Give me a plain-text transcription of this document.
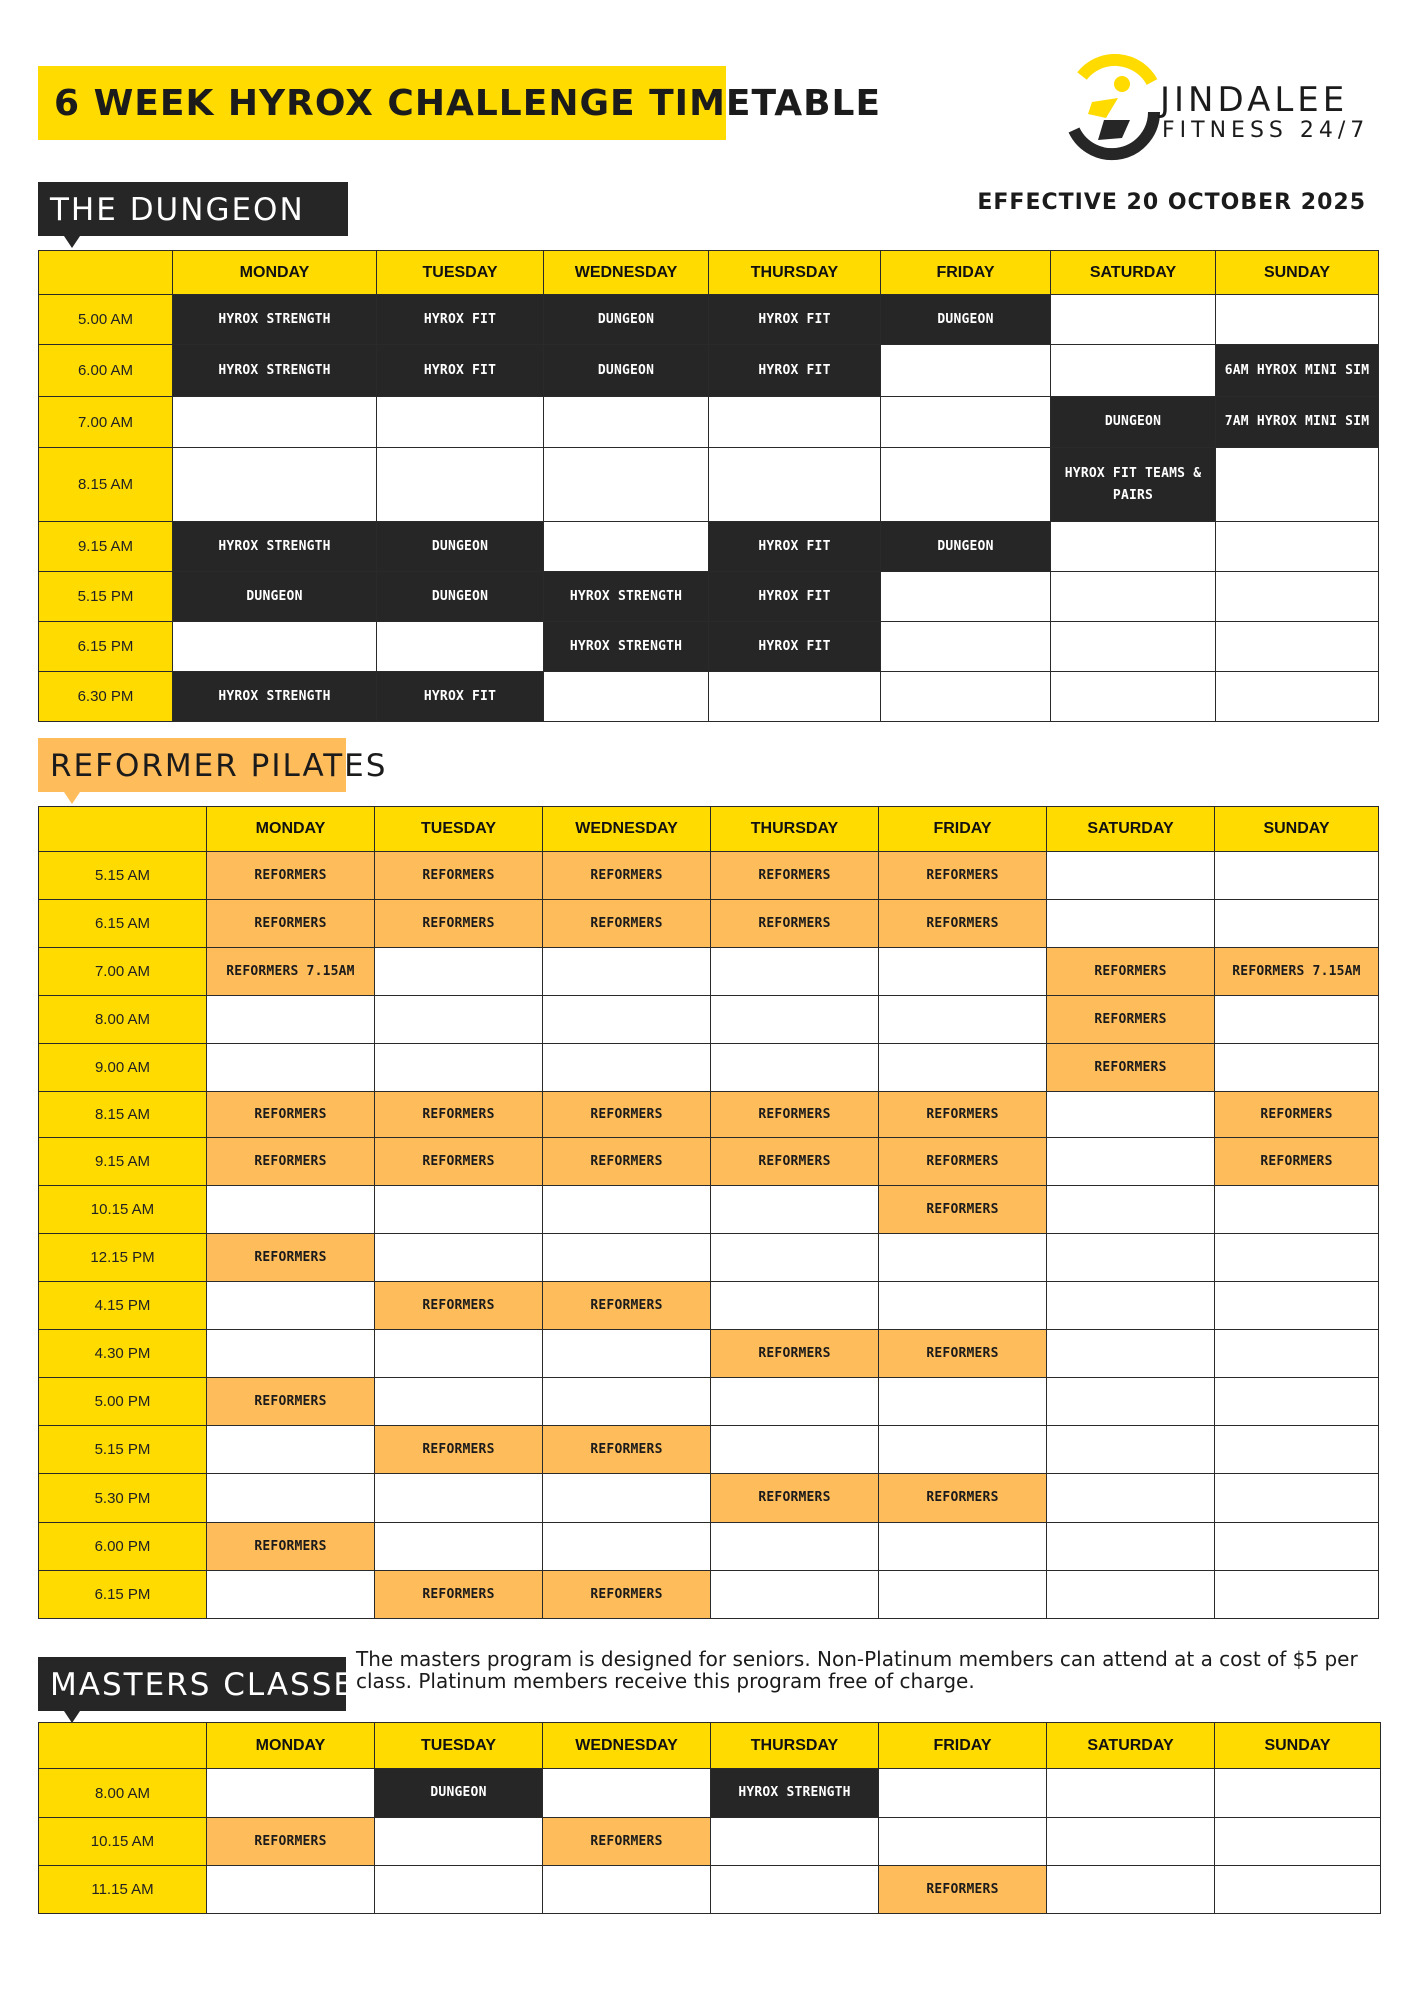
6 WEEK HYROX CHALLENGE TIMETABLE	JINDALEE
FITNESS 24/7
THE DUNGEON	EFFECTIVE 20 OCTOBER 2025
REFORMER PILATES
MASTERS CLASSES
The masters program is designed for seniors. Non-Platinum members can attend at a cost of $5 per class. Platinum members receive this program free of charge.
	MONDAY	TUESDAY	WEDNESDAY	THURSDAY	FRIDAY	SATURDAY	SUNDAY
5.00 AM	HYROX STRENGTH	HYROX FIT	DUNGEON	HYROX FIT	DUNGEON		
6.00 AM	HYROX STRENGTH	HYROX FIT	DUNGEON	HYROX FIT			6AM HYROX MINI SIM
7.00 AM						DUNGEON	7AM HYROX MINI SIM
8.15 AM						HYROX FIT TEAMS & PAIRS	
9.15 AM	HYROX STRENGTH	DUNGEON		HYROX FIT	DUNGEON		
5.15 PM	DUNGEON	DUNGEON	HYROX STRENGTH	HYROX FIT			
6.15 PM			HYROX STRENGTH	HYROX FIT			
6.30 PM	HYROX STRENGTH	HYROX FIT					
	MONDAY	TUESDAY	WEDNESDAY	THURSDAY	FRIDAY	SATURDAY	SUNDAY
5.15 AM	REFORMERS	REFORMERS	REFORMERS	REFORMERS	REFORMERS		
6.15 AM	REFORMERS	REFORMERS	REFORMERS	REFORMERS	REFORMERS		
7.00 AM	REFORMERS 7.15AM					REFORMERS	REFORMERS 7.15AM
8.00 AM						REFORMERS	
9.00 AM						REFORMERS	
8.15 AM	REFORMERS	REFORMERS	REFORMERS	REFORMERS	REFORMERS		REFORMERS
9.15 AM	REFORMERS	REFORMERS	REFORMERS	REFORMERS	REFORMERS		REFORMERS
10.15 AM					REFORMERS		
12.15 PM	REFORMERS						
4.15 PM		REFORMERS	REFORMERS				
4.30 PM				REFORMERS	REFORMERS		
5.00 PM	REFORMERS						
5.15 PM		REFORMERS	REFORMERS				
5.30 PM				REFORMERS	REFORMERS		
6.00 PM	REFORMERS						
6.15 PM		REFORMERS	REFORMERS				
	MONDAY	TUESDAY	WEDNESDAY	THURSDAY	FRIDAY	SATURDAY	SUNDAY
8.00 AM		DUNGEON		HYROX STRENGTH			
10.15 AM	REFORMERS		REFORMERS				
11.15 AM					REFORMERS		
